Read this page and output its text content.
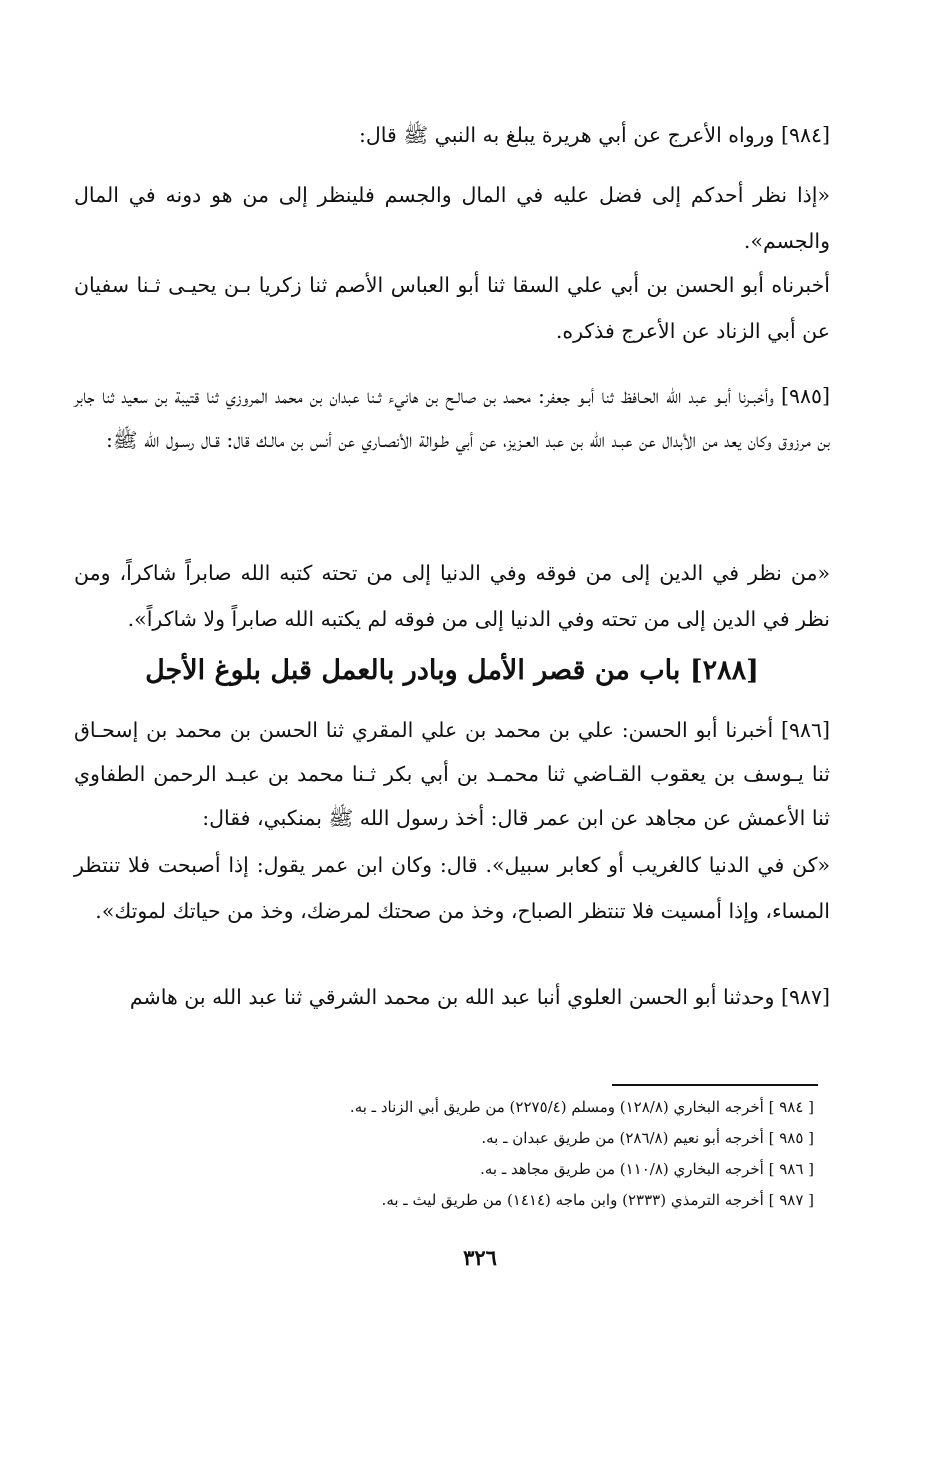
[٩٨٤] ورواه الأعرج عن أبي هريرة يبلغ به النبي ﷺ قال:

«إذا نظر أحدكم إلى فضل عليه في المال والجسم فلينظر إلى من هو دونه في المال والجسم».

أخبرناه أبو الحسن بن أبي علي السقا ثنا أبو العباس الأصم ثنا زكريا بـن يحيـى ثـنا سفيان عن أبي الزناد عن الأعرج فذكره.

[٩٨٥] وأخبـرنا أبـو عبد الله الحـافظ ثنا أبـو جعفر: محمد بن صالـح بن هانيء ثـنا عبدان بن محمد المروزي ثنا قتيبة بن سعيد ثنا جابر بن مرزوق وكان يعد من الأبدال عن عبـد الله بن عبد العـزيز، عن أبي طـوالة الأنصـاري عن أنس بن مالـك قال: قـال رسـول الله ﷺ:

«من نظر في الدين إلى من فوقه وفي الدنيا إلى من تحته كتبه الله صابراً شاكراً، ومن نظر في الدين إلى من تحته وفي الدنيا إلى من فوقه لم يكتبه الله صابراً ولا شاكراً».

[٢٨٨] باب من قصر الأمل وبادر بالعمل قبل بلوغ الأجل

[٩٨٦] أخبرنا أبو الحسن: علي بن محمد بن علي المقري ثنا الحسن بن محمد بن إسحـاق ثنا يـوسف بن يعقوب القـاضي ثنا محمـد بن أبي بكر ثـنا محمد بن عبـد الرحمن الطفاوي ثنا الأعمش عن مجاهد عن ابن عمر قال: أخذ رسول الله ﷺ بمنكبي، فقال:

«كن في الدنيا كالغريب أو كعابر سبيل». قال: وكان ابن عمر يقول: إذا أصبحت فلا تنتظر المساء، وإذا أمسيت فلا تنتظر الصباح، وخذ من صحتك لمرضك، وخذ من حياتك لموتك».

[٩٨٧] وحدثنا أبو الحسن العلوي أنبا عبد الله بن محمد الشرقي ثنا عبد الله بن هاشم

[ ٩٨٤ ] أخرجه البخاري (١٢٨/٨) ومسلم (٢٢٧٥/٤) من طريق أبي الزناد ـ به.

[ ٩٨٥ ] أخرجه أبو نعيم (٢٨٦/٨) من طريق عبدان ـ به.

[ ٩٨٦ ] أخرجه البخاري (١١٠/٨) من طريق مجاهد ـ به.

[ ٩٨٧ ] أخرجه الترمذي (٢٣٣٣) وابن ماجه (١٤١٤) من طريق ليث ـ به.

٣٢٦
